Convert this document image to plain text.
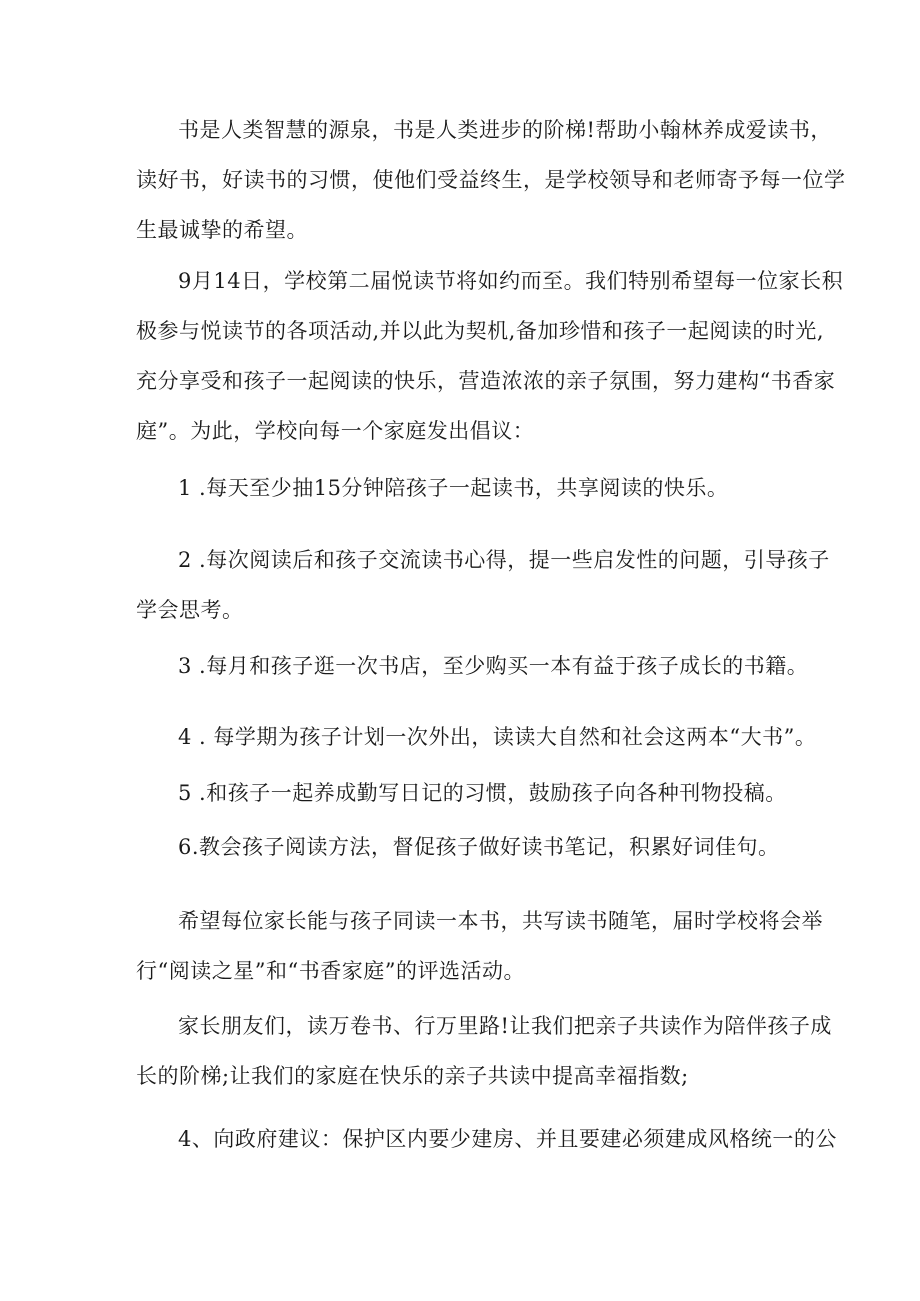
书是人类智慧的源泉，书是人类进步的阶梯!帮助小翰林养成爱读书，
读好书，好读书的习惯，使他们受益终生，是学校领导和老师寄予每一位学
生最诚挚的希望。
9月14日，学校第二届悦读节将如约而至。我们特别希望每一位家长积
极参与悦读节的各项活动,并以此为契机,备加珍惜和孩子一起阅读的时光,
充分享受和孩子一起阅读的快乐，营造浓浓的亲子氛围，努力建构“书香家
庭”。为此，学校向每一个家庭发出倡议：
1 .每天至少抽15分钟陪孩子一起读书，共享阅读的快乐。
2 .每次阅读后和孩子交流读书心得，提一些启发性的问题，引导孩子
学会思考。
3 .每月和孩子逛一次书店，至少购买一本有益于孩子成长的书籍。
4 . 每学期为孩子计划一次外出，读读大自然和社会这两本“大书”。
5 .和孩子一起养成勤写日记的习惯，鼓励孩子向各种刊物投稿。
6.教会孩子阅读方法，督促孩子做好读书笔记，积累好词佳句。
希望每位家长能与孩子同读一本书，共写读书随笔，届时学校将会举
行“阅读之星”和“书香家庭”的评选活动。
家长朋友们，读万卷书、行万里路!让我们把亲子共读作为陪伴孩子成
长的阶梯;让我们的家庭在快乐的亲子共读中提高幸福指数;
4、向政府建议：保护区内要少建房、并且要建必须建成风格统一的公
